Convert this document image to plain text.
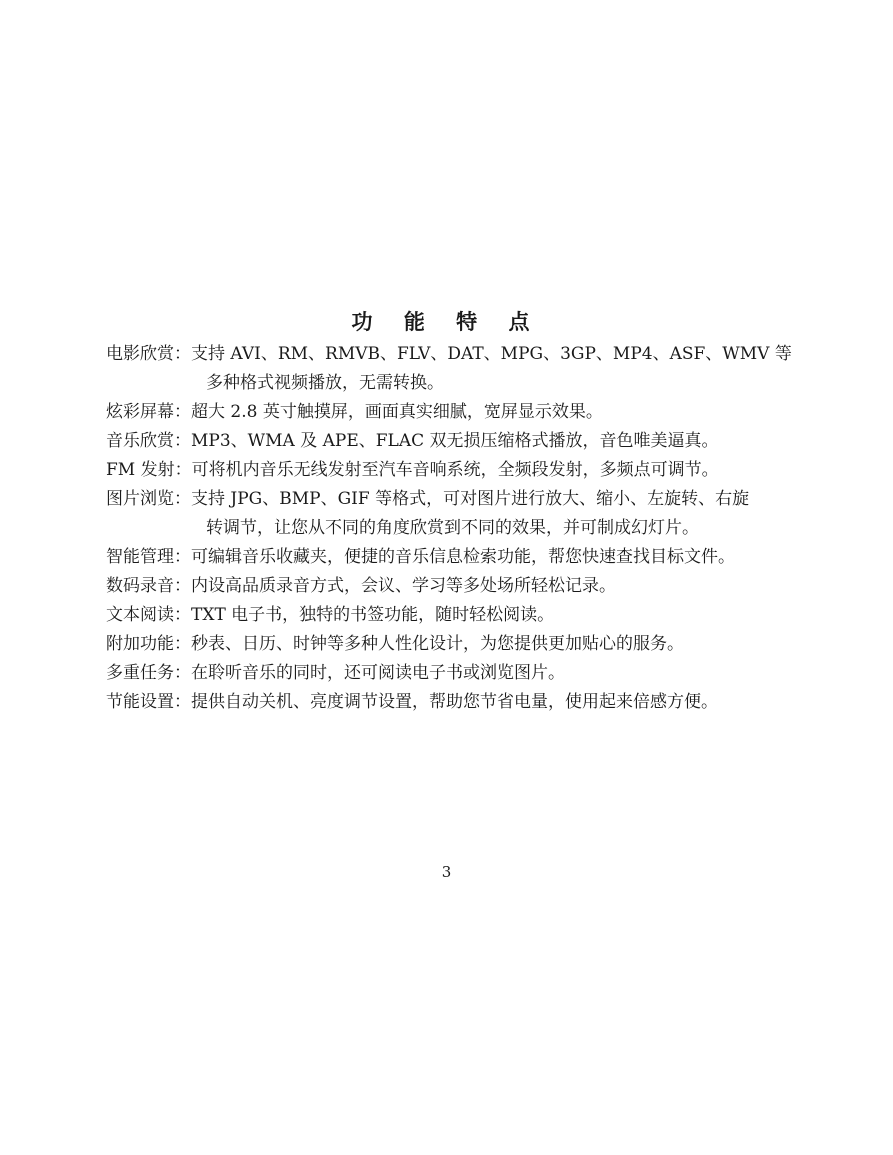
功 能 特 点
电影欣赏： 支持 AVI、RM、RMVB、FLV、DAT、MPG、3GP、MP4、ASF、WMV 等
多种格式视频播放，无需转换。
炫彩屏幕： 超大 2.8 英寸触摸屏，画面真实细腻，宽屏显示效果。
音乐欣赏： MP3、WMA 及 APE、FLAC 双无损压缩格式播放，音色唯美逼真。
FM 发射： 可将机内音乐无线发射至汽车音响系统，全频段发射，多频点可调节。
图片浏览： 支持 JPG、BMP、GIF 等格式，可对图片进行放大、缩小、左旋转、右旋
转调节，让您从不同的角度欣赏到不同的效果，并可制成幻灯片。
智能管理： 可编辑音乐收藏夹，便捷的音乐信息检索功能，帮您快速查找目标文件。
数码录音： 内设高品质录音方式，会议、学习等多处场所轻松记录。
文本阅读： TXT 电子书，独特的书签功能，随时轻松阅读。
附加功能： 秒表、日历、时钟等多种人性化设计，为您提供更加贴心的服务。
多重任务： 在聆听音乐的同时，还可阅读电子书或浏览图片。
节能设置： 提供自动关机、亮度调节设置，帮助您节省电量，使用起来倍感方便。
3
